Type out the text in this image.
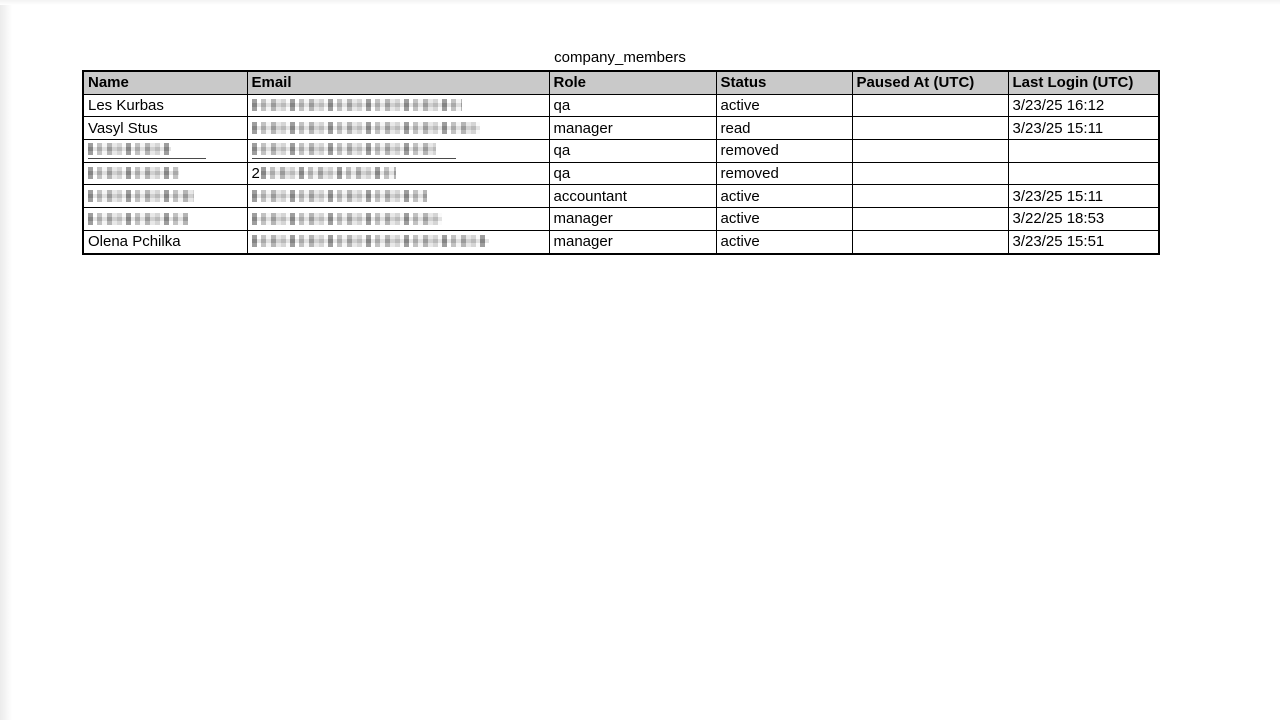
company_members
Name	Email	Role	Status	Paused At (UTC)	Last Login (UTC)
Les Kurbas		qa	active		3/23/25 16:12
Vasyl Stus		manager	read		3/23/25 15:11
		qa	removed		
	2	qa	removed		
		accountant	active		3/23/25 15:11
		manager	active		3/22/25 18:53
Olena Pchilka		manager	active		3/23/25 15:51
